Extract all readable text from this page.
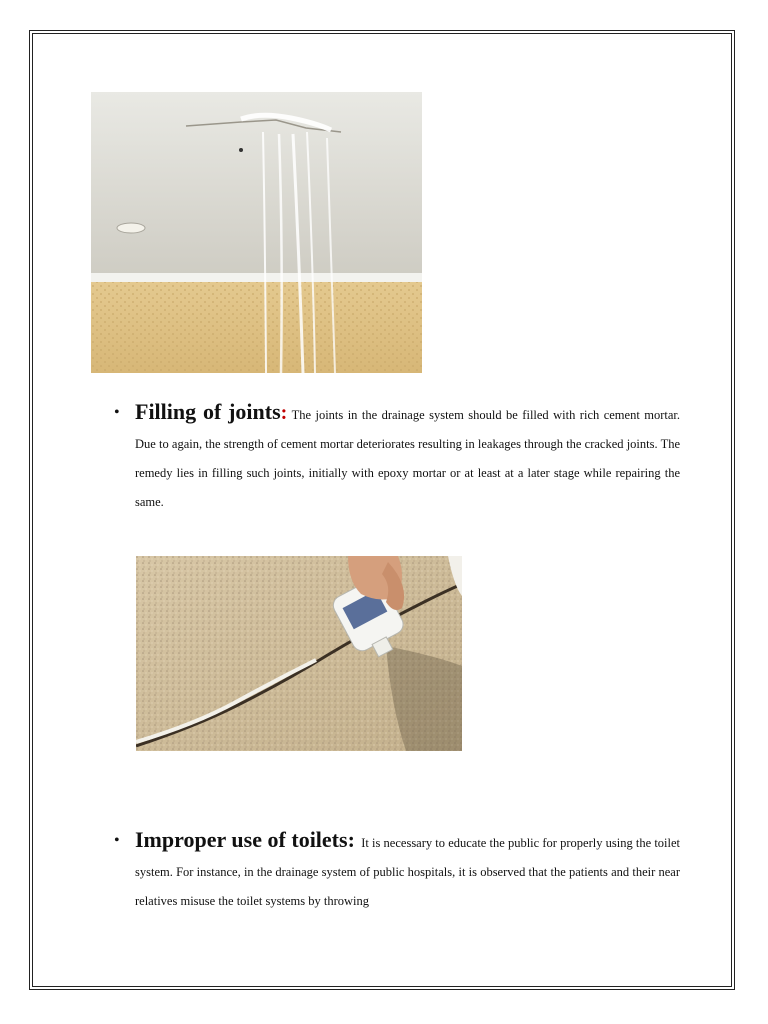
• Filling of joints: The joints in the drainage system should be filled with rich cement mortar. Due to again, the strength of cement mortar deteriorates resulting in leakages through the cracked joints. The remedy lies in filling such joints, initially with epoxy mortar or at least at a later stage while repairing the same.
• Improper use of toilets: It is necessary to educate the public for properly using the toilet system. For instance, in the drainage system of public hospitals, it is observed that the patients and their near relatives misuse the toilet systems by throwing
